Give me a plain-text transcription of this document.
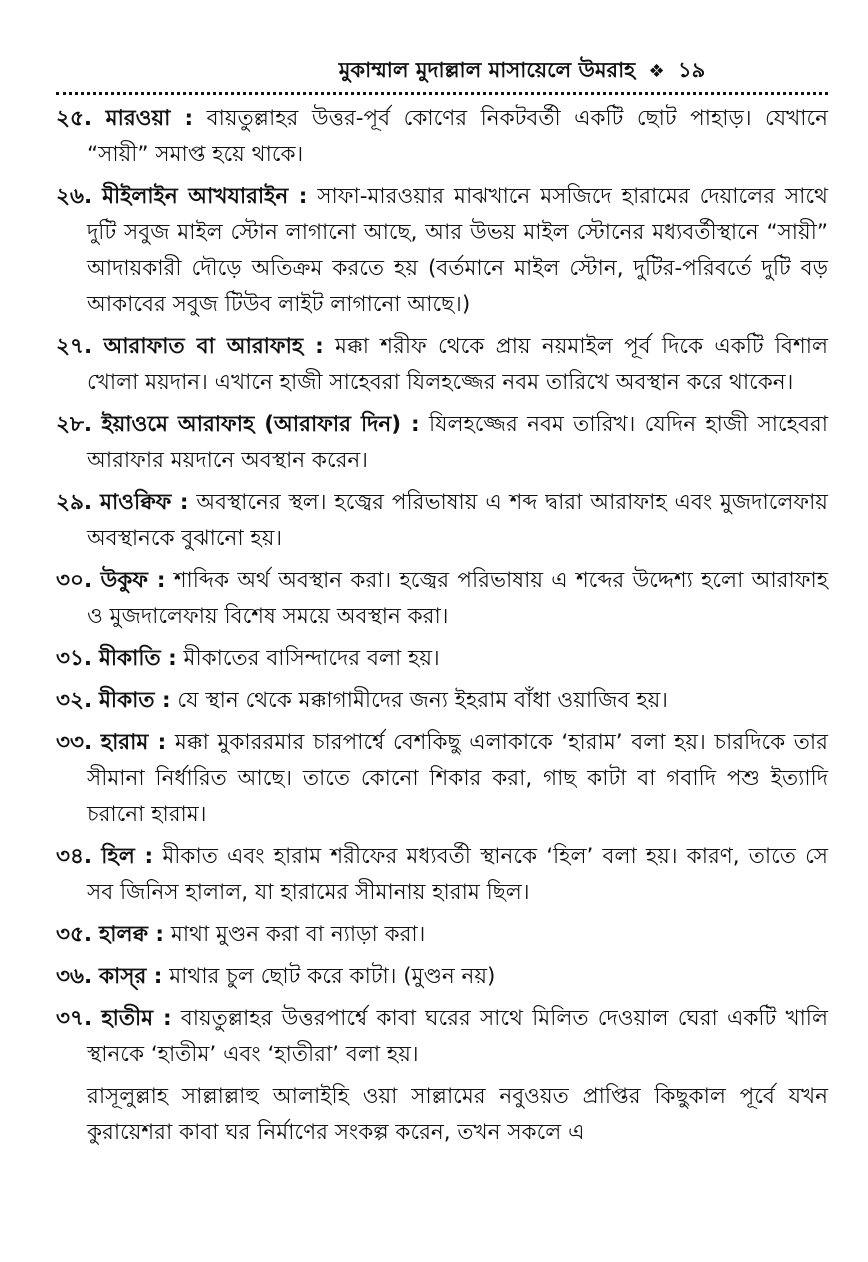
মুকাম্মাল মুদাল্লাল মাসায়েলে উমরাহ ❖ ১৯

২৫. মারওয়া : বায়তুল্লাহর উত্তর-পূর্ব কোণের নিকটবর্তী একটি ছোট পাহাড়। যেখানে “সায়ী” সমাপ্ত হয়ে থাকে।

২৬. মীইলাইন আখযারাইন : সাফা-মারওয়ার মাঝখানে মসজিদে হারামের দেয়ালের সাথে দুটি সবুজ মাইল স্টোন লাগানো আছে, আর উভয় মাইল স্টোনের মধ্যবর্তীস্থানে “সায়ী” আদায়কারী দৌড়ে অতিক্রম করতে হয় (বর্তমানে মাইল স্টোন, দুটির-পরিবর্তে দুটি বড় আকাবের সবুজ টিউব লাইট লাগানো আছে।)

২৭. আরাফাত বা আরাফাহ : মক্কা শরীফ থেকে প্রায় নয়মাইল পূর্ব দিকে একটি বিশাল খোলা ময়দান। এখানে হাজী সাহেবরা যিলহজ্জের নবম তারিখে অবস্থান করে থাকেন।

২৮. ইয়াওমে আরাফাহ (আরাফার দিন) : যিলহজ্জের নবম তারিখ। যেদিন হাজী সাহেবরা আরাফার ময়দানে অবস্থান করেন।

২৯. মাওক্বিফ : অবস্থানের স্থল। হজ্বের পরিভাষায় এ শব্দ দ্বারা আরাফাহ এবং মুজদালেফায় অবস্থানকে বুঝানো হয়।

৩০. উকুফ : শাব্দিক অর্থ অবস্থান করা। হজ্বের পরিভাষায় এ শব্দের উদ্দেশ্য হলো আরাফাহ ও মুজদালেফায় বিশেষ সময়ে অবস্থান করা।

৩১. মীকাতি : মীকাতের বাসিন্দাদের বলা হয়।

৩২. মীকাত : যে স্থান থেকে মক্কাগামীদের জন্য ইহরাম বাঁধা ওয়াজিব হয়।

৩৩. হারাম : মক্কা মুকাররমার চারপার্শ্বে বেশকিছু এলাকাকে ‘হারাম’ বলা হয়। চারদিকে তার সীমানা নির্ধারিত আছে। তাতে কোনো শিকার করা, গাছ কাটা বা গবাদি পশু ইত্যাদি চরানো হারাম।

৩৪. হিল : মীকাত এবং হারাম শরীফের মধ্যবর্তী স্থানকে ‘হিল’ বলা হয়। কারণ, তাতে সে সব জিনিস হালাল, যা হারামের সীমানায় হারাম ছিল।

৩৫. হালক্ব : মাথা মুণ্ডন করা বা ন্যাড়া করা।

৩৬. কাস্‌র : মাথার চুল ছোট করে কাটা। (মুণ্ডন নয়)

৩৭. হাতীম : বায়তুল্লাহর উত্তরপার্শ্বে কাবা ঘরের সাথে মিলিত দেওয়াল ঘেরা একটি খালি স্থানকে ‘হাতীম’ এবং ‘হাতীরা’ বলা হয়।

রাসূলুল্লাহ সাল্লাল্লাহু আলাইহি ওয়া সাল্লামের নবুওয়ত প্রাপ্তির কিছুকাল পূর্বে যখন কুরায়েশরা কাবা ঘর নির্মাণের সংকল্প করেন, তখন সকলে এ
